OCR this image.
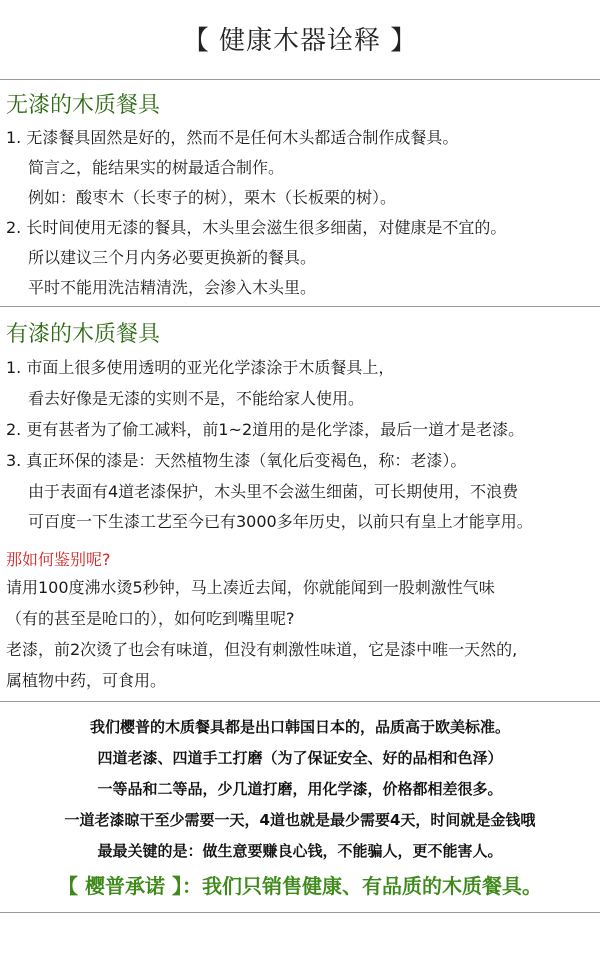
【 健康木器诠释 】
无漆的木质餐具
1. 无漆餐具固然是好的，然而不是任何木头都适合制作成餐具。
简言之，能结果实的树最适合制作。
例如：酸枣木（长枣子的树），栗木（长板栗的树）。
2. 长时间使用无漆的餐具，木头里会滋生很多细菌，对健康是不宜的。
所以建议三个月内务必要更换新的餐具。
平时不能用洗洁精清洗，会渗入木头里。
有漆的木质餐具
1. 市面上很多使用透明的亚光化学漆涂于木质餐具上，
看去好像是无漆的实则不是，不能给家人使用。
2. 更有甚者为了偷工减料，前1~2道用的是化学漆，最后一道才是老漆。
3. 真正环保的漆是：天然植物生漆（氧化后变褐色，称：老漆）。
由于表面有4道老漆保护，木头里不会滋生细菌，可长期使用，不浪费
可百度一下生漆工艺至今已有3000多年历史，以前只有皇上才能享用。
那如何鉴别呢?
请用100度沸水烫5秒钟，马上凑近去闻，你就能闻到一股刺激性气味
（有的甚至是呛口的），如何吃到嘴里呢?
老漆，前2次烫了也会有味道，但没有刺激性味道，它是漆中唯一天然的,
属植物中药，可食用。
我们樱普的木质餐具都是出口韩国日本的，品质高于欧美标准。
四道老漆、四道手工打磨（为了保证安全、好的品相和色泽）
一等品和二等品，少几道打磨，用化学漆，价格都相差很多。
一道老漆晾干至少需要一天，4道也就是最少需要4天，时间就是金钱哦
最最关键的是：做生意要赚良心钱，不能骗人，更不能害人。
【 樱普承诺 】：我们只销售健康、有品质的木质餐具。
